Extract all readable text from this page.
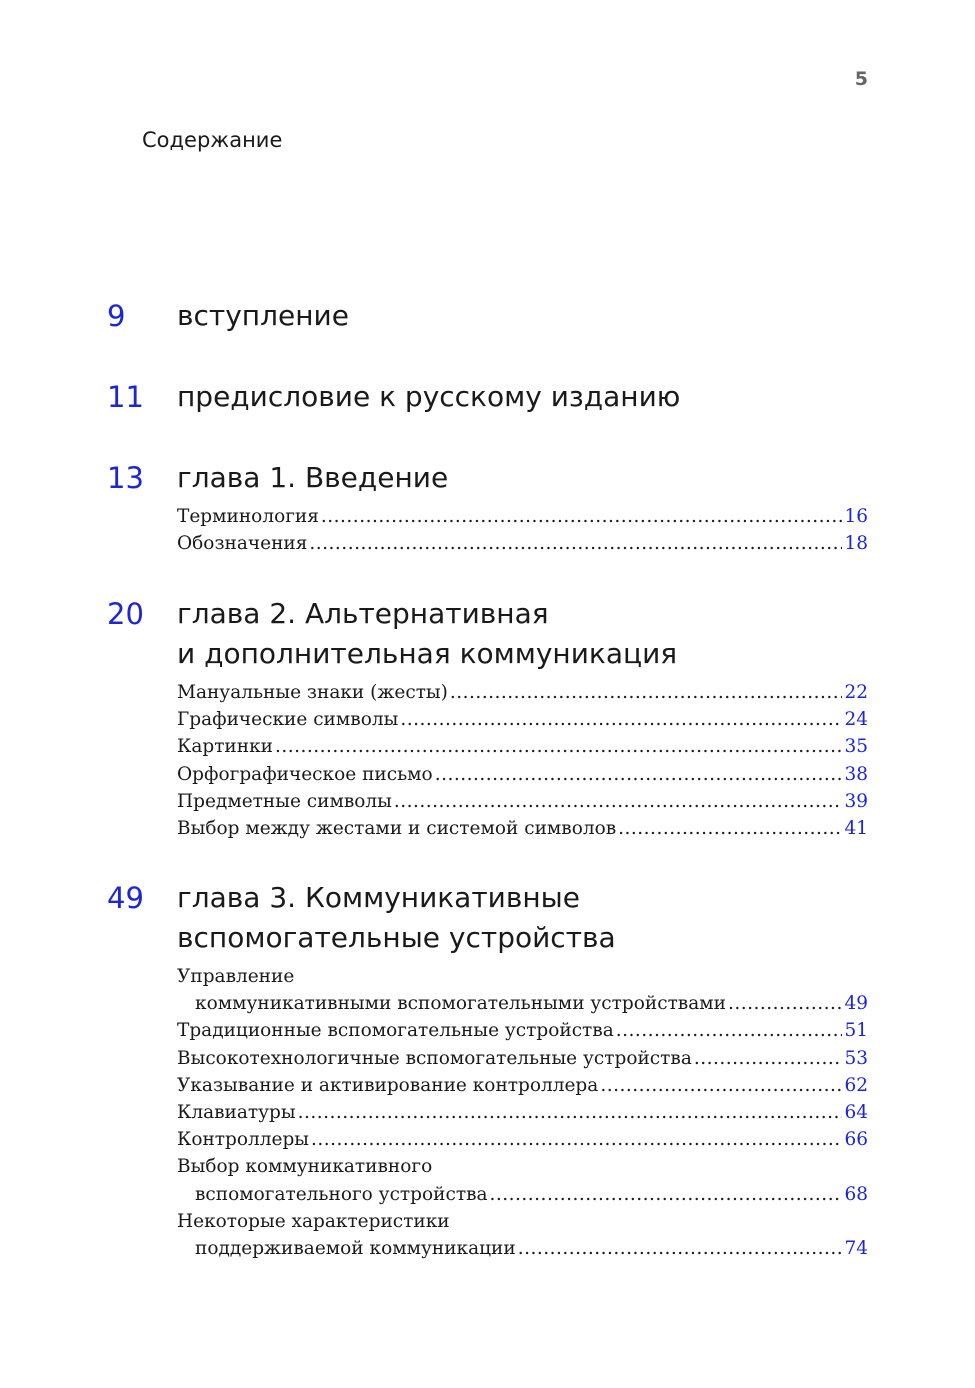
5
Содержание
9 вступление
11 предисловие к русскому изданию
13 глава 1. Введение
Терминология .....	16
Обозначения .....	18
20 глава 2. Альтернативная
и дополнительная коммуникация
Мануальные знаки (жесты) .....	22
Графические символы .....	24
Картинки .....	35
Орфографическое письмо .....	38
Предметные символы .....	39
Выбор между жестами и системой символов .....	41
49 глава 3. Коммуникативные
вспомогательные устройства
Управление
коммуникативными вспомогательными устройствами .....	49
Традиционные вспомогательные устройства .....	51
Высокотехнологичные вспомогательные устройства .....	53
Указывание и активирование контроллера .....	62
Клавиатуры .....	64
Контроллеры .....	66
Выбор коммуникативного
вспомогательного устройства .....	68
Некоторые характеристики
поддерживаемой коммуникации .....	74
